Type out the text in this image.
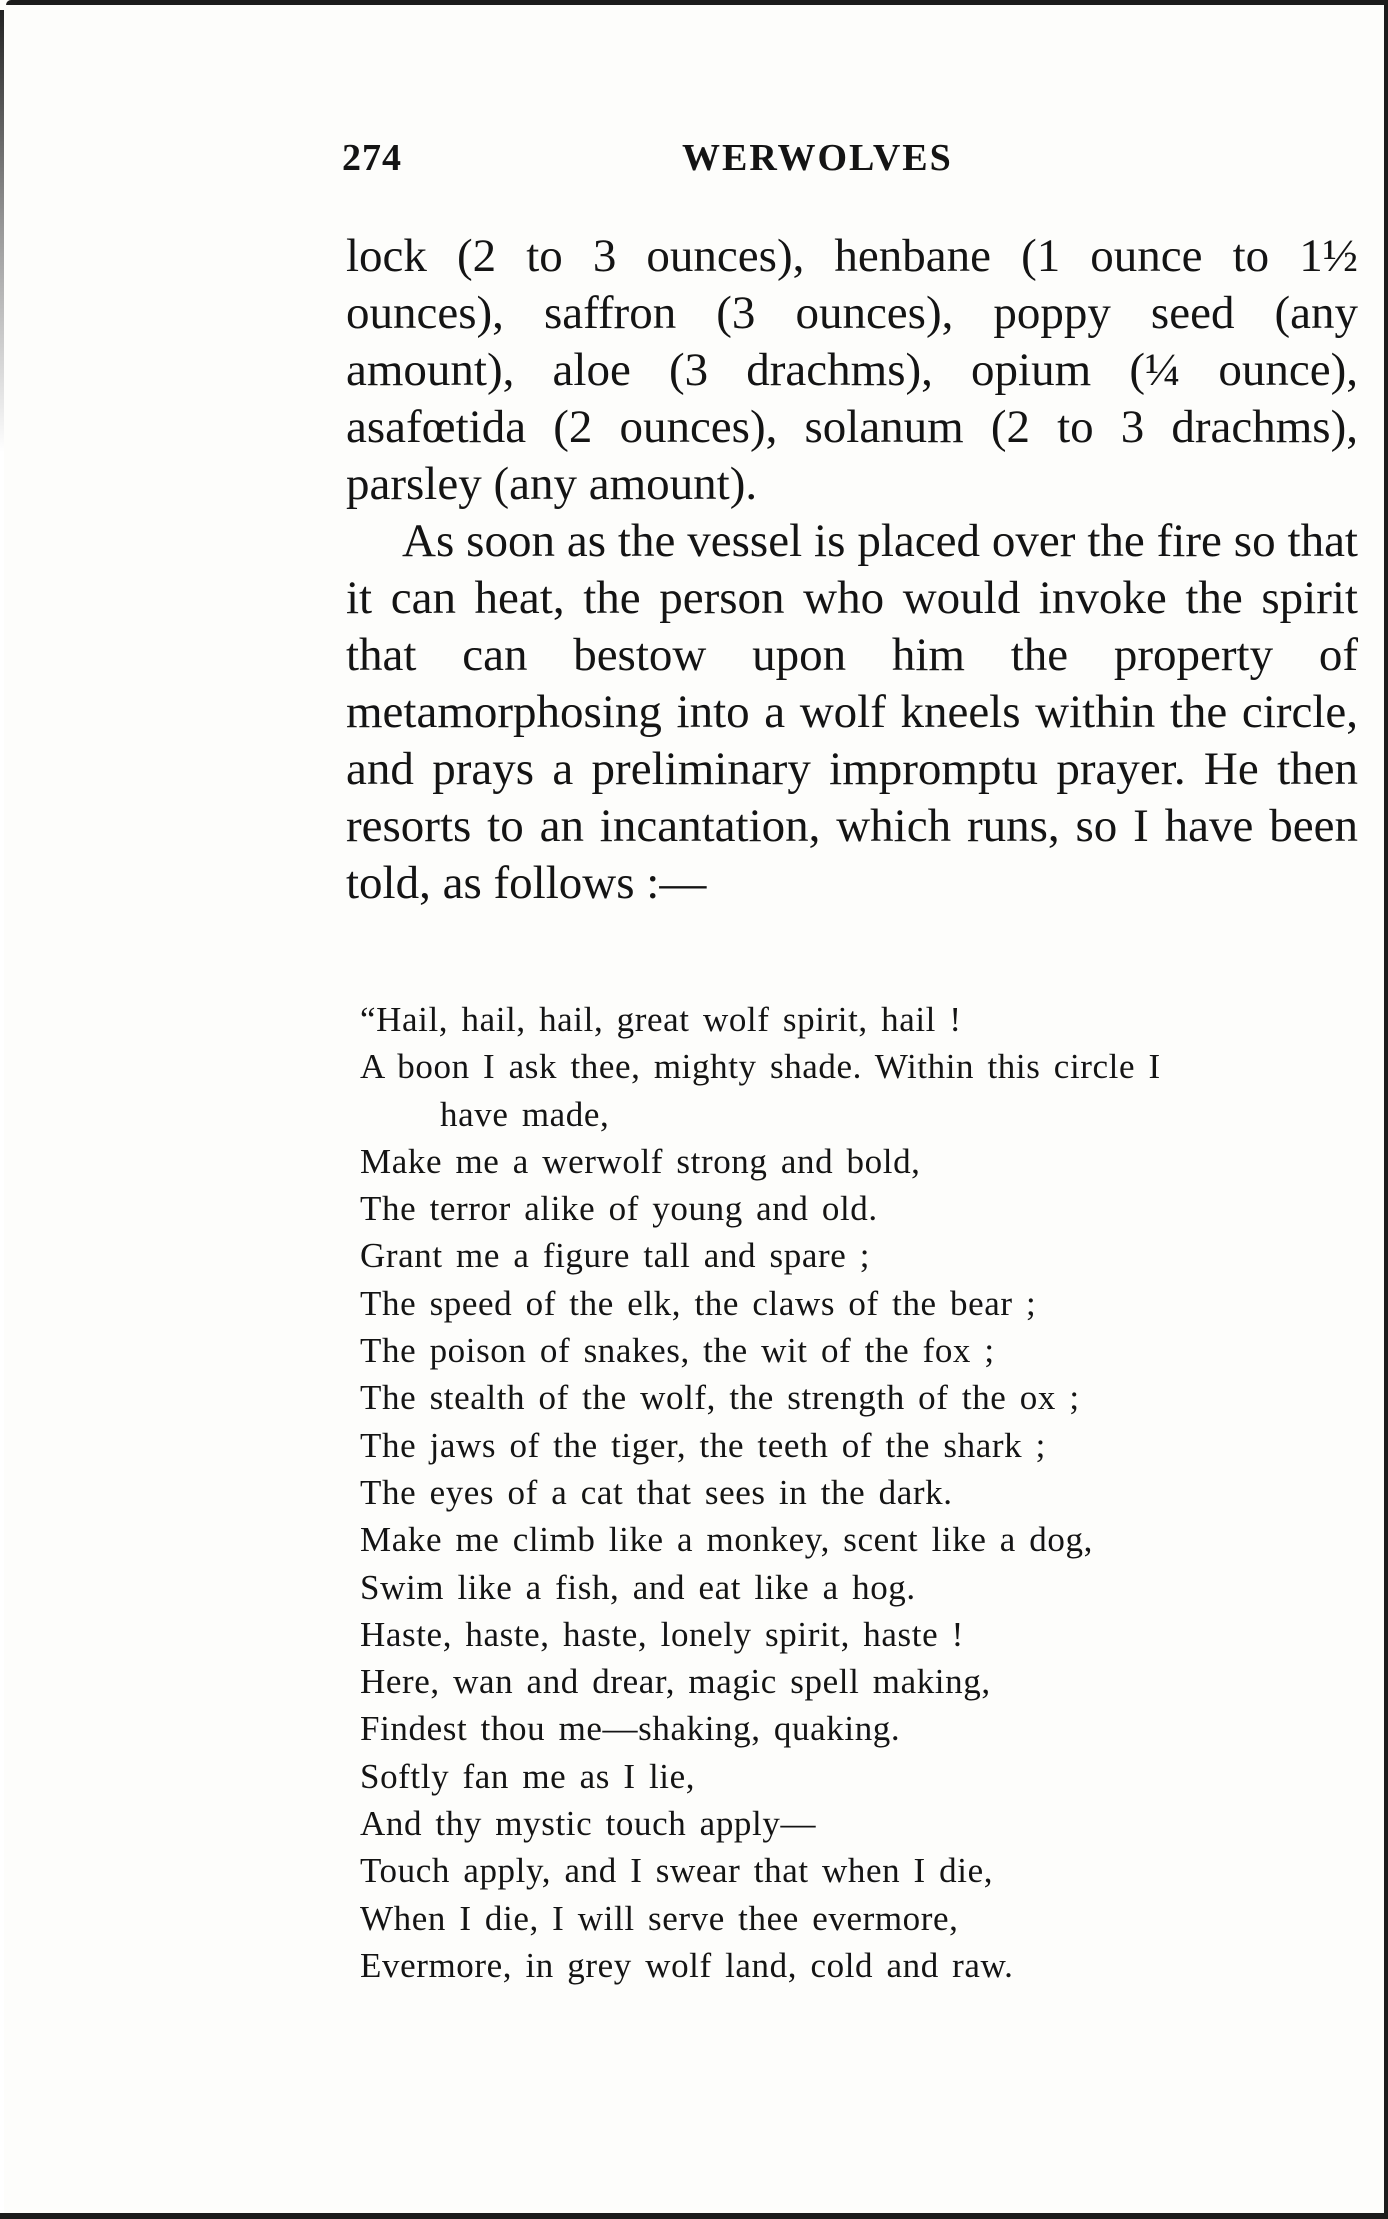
274	WERWOLVES

lock (2 to 3 ounces), henbane (1 ounce to 1½ ounces), saffron (3 ounces), poppy seed (any amount), aloe (3 drachms), opium (¼ ounce), asafœtida (2 ounces), solanum (2 to 3 drachms), parsley (any amount).

As soon as the vessel is placed over the fire so that it can heat, the person who would invoke the spirit that can bestow upon him the property of metamorphosing into a wolf kneels within the circle, and prays a preliminary impromptu prayer. He then resorts to an incantation, which runs, so I have been told, as follows :—

“Hail, hail, hail, great wolf spirit, hail !
A boon I ask thee, mighty shade. Within this circle I
have made,
Make me a werwolf strong and bold,
The terror alike of young and old.
Grant me a figure tall and spare ;
The speed of the elk, the claws of the bear ;
The poison of snakes, the wit of the fox ;
The stealth of the wolf, the strength of the ox ;
The jaws of the tiger, the teeth of the shark ;
The eyes of a cat that sees in the dark.
Make me climb like a monkey, scent like a dog,
Swim like a fish, and eat like a hog.
Haste, haste, haste, lonely spirit, haste !
Here, wan and drear, magic spell making,
Findest thou me—shaking, quaking.
Softly fan me as I lie,
And thy mystic touch apply—
Touch apply, and I swear that when I die,
When I die, I will serve thee evermore,
Evermore, in grey wolf land, cold and raw.
